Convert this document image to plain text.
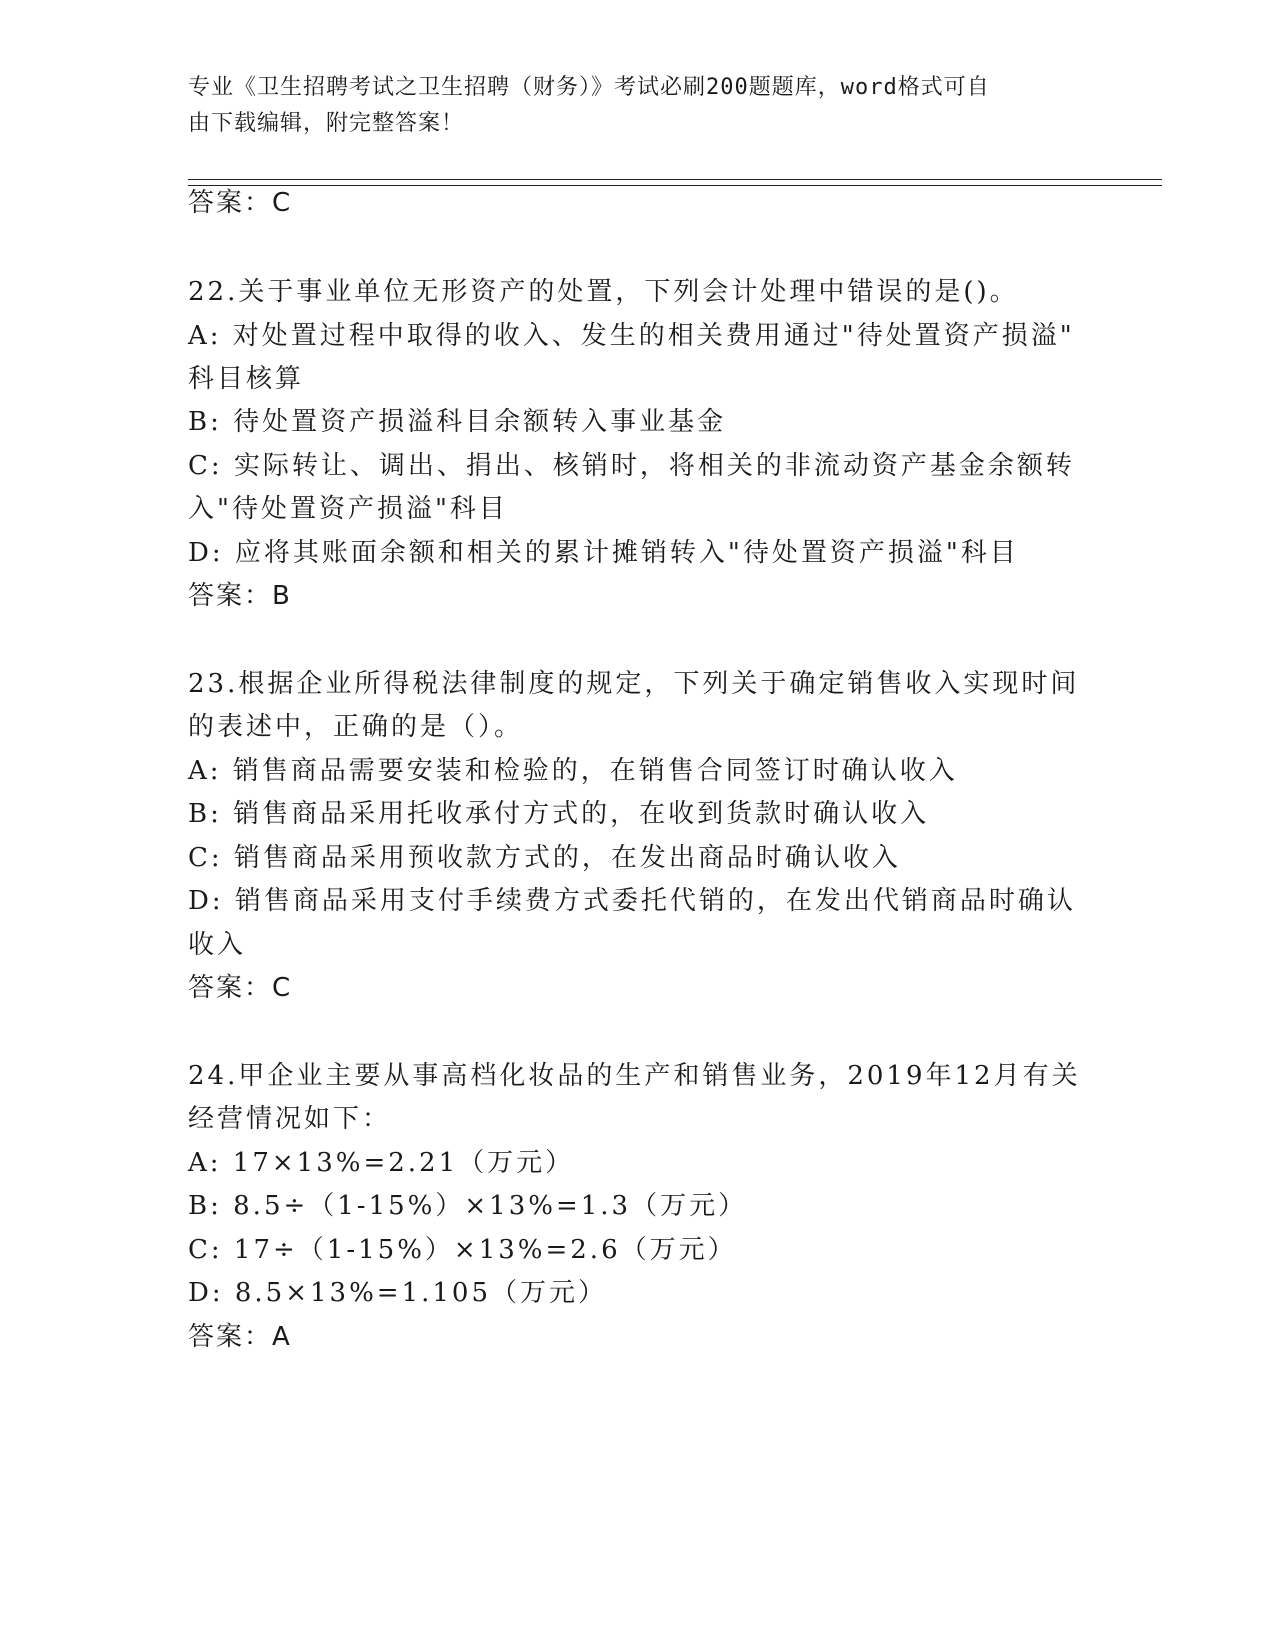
专业《卫生招聘考试之卫生招聘（财务）》考试必刷200题题库，word格式可自
由下载编辑，附完整答案！
答案：C
22.关于事业单位无形资产的处置，下列会计处理中错误的是()。
A: 对处置过程中取得的收入、发生的相关费用通过"待处置资产损溢"
科目核算
B: 待处置资产损溢科目余额转入事业基金
C: 实际转让、调出、捐出、核销时，将相关的非流动资产基金余额转
入"待处置资产损溢"科目
D: 应将其账面余额和相关的累计摊销转入"待处置资产损溢"科目
答案：B
23.根据企业所得税法律制度的规定，下列关于确定销售收入实现时间
的表述中，正确的是（）。
A: 销售商品需要安装和检验的，在销售合同签订时确认收入
B: 销售商品采用托收承付方式的，在收到货款时确认收入
C: 销售商品采用预收款方式的，在发出商品时确认收入
D: 销售商品采用支付手续费方式委托代销的，在发出代销商品时确认
收入
答案：C
24.甲企业主要从事高档化妆品的生产和销售业务，2019年12月有关
经营情况如下：
A: 17×13%=2.21（万元）
B: 8.5÷（1-15%）×13%=1.3（万元）
C: 17÷（1-15%）×13%=2.6（万元）
D: 8.5×13%=1.105（万元）
答案：A
